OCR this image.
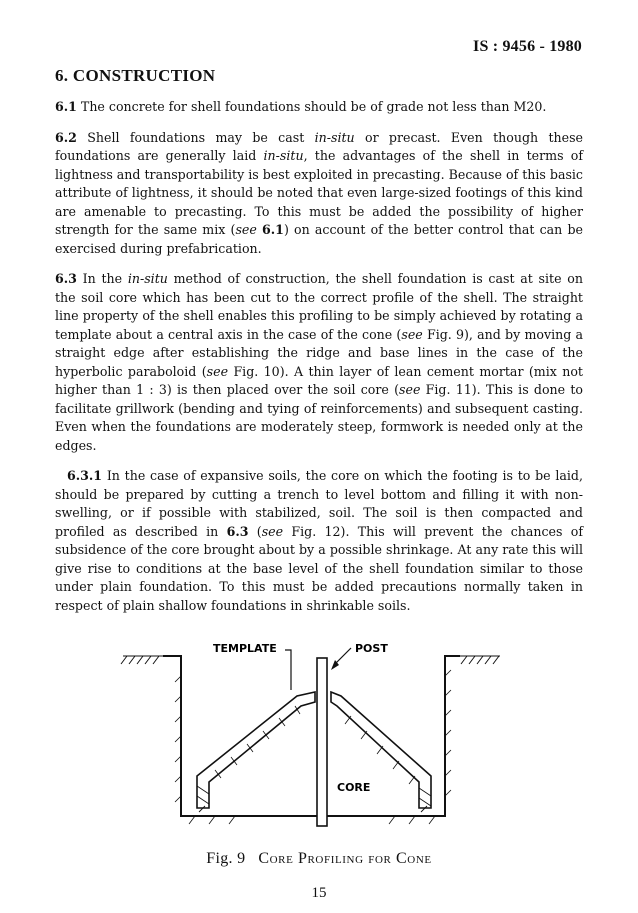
IS : 9456 - 1980
6. CONSTRUCTION

6.1 The concrete for shell foundations should be of grade not less than M20.

6.2 Shell foundations may be cast in-situ or precast. Even though these foundations are generally laid in-situ, the advantages of the shell in terms of lightness and transportability is best exploited in precasting. Because of this basic attribute of lightness, it should be noted that even large-sized footings of this kind are amenable to precasting. To this must be added the possibility of higher strength for the same mix (see 6.1) on account of the better control that can be exercised during prefabrication.

6.3 In the in-situ method of construction, the shell foundation is cast at site on the soil core which has been cut to the correct profile of the shell. The straight line property of the shell enables this profiling to be simply achieved by rotating a template about a central axis in the case of the cone (see Fig. 9), and by moving a straight edge after establishing the ridge and base lines in the case of the hyperbolic paraboloid (see Fig. 10). A thin layer of lean cement mortar (mix not higher than 1 : 3) is then placed over the soil core (see Fig. 11). This is done to facilitate grillwork (bending and tying of reinforcements) and subsequent casting. Even when the foundations are moderately steep, formwork is needed only at the edges.

6.3.1 In the case of expansive soils, the core on which the footing is to be laid, should be prepared by cutting a trench to level bottom and filling it with non-swelling, or if possible with stabilized, soil. The soil is then compacted and profiled as described in 6.3 (see Fig. 12). This will prevent the chances of subsidence of the core brought about by a possible shrinkage. At any rate this will give rise to conditions at the base level of the shell foundation similar to those under plain foundation. To this must be added precautions normally taken in respect of plain shallow foundations in shrinkable soils.

TEMPLATE	POST
CORE
Fig. 9 Core Profiling for Cone
15
